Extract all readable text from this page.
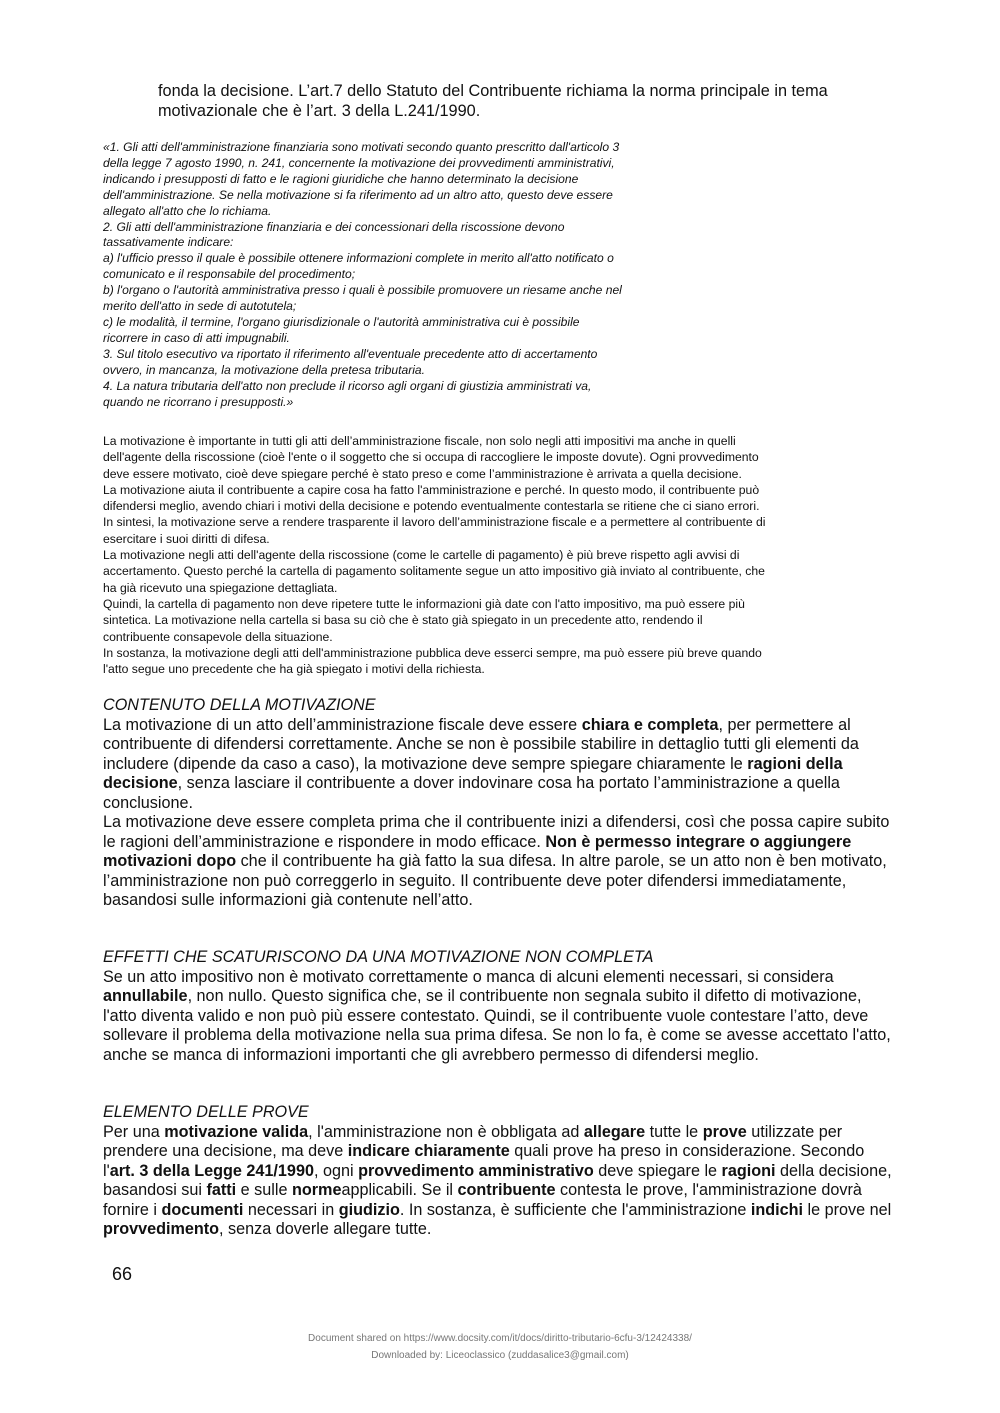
fonda la decisione. L’art.7 dello Statuto del Contribuente richiama la norma principale in tema

motivazionale che è l’art. 3 della L.241/1990.

«1. Gli atti dell'amministrazione finanziaria sono motivati secondo quanto prescritto dall'articolo 3

della legge 7 agosto 1990, n. 241, concernente la motivazione dei provvedimenti amministrativi,

indicando i presupposti di fatto e le ragioni giuridiche che hanno determinato la decisione

dell'amministrazione. Se nella motivazione si fa riferimento ad un altro atto, questo deve essere

allegato all'atto che lo richiama.

2. Gli atti dell'amministrazione finanziaria e dei concessionari della riscossione devono

tassativamente indicare:

a) l'ufficio presso il quale è possibile ottenere informazioni complete in merito all'atto notificato o

comunicato e il responsabile del procedimento;

b) l'organo o l'autorità amministrativa presso i quali è possibile promuovere un riesame anche nel

merito dell'atto in sede di autotutela;

c) le modalità, il termine, l'organo giurisdizionale o l'autorità amministrativa cui è possibile

ricorrere in caso di atti impugnabili.

3. Sul titolo esecutivo va riportato il riferimento all'eventuale precedente atto di accertamento

ovvero, in mancanza, la motivazione della pretesa tributaria.

4. La natura tributaria dell'atto non preclude il ricorso agli organi di giustizia amministrati va,

quando ne ricorrano i presupposti.»

La motivazione è importante in tutti gli atti dell’amministrazione fiscale, non solo negli atti impositivi ma anche in quelli

dell'agente della riscossione (cioè l'ente o il soggetto che si occupa di raccogliere le imposte dovute). Ogni provvedimento

deve essere motivato, cioè deve spiegare perché è stato preso e come l’amministrazione è arrivata a quella decisione.

La motivazione aiuta il contribuente a capire cosa ha fatto l'amministrazione e perché. In questo modo, il contribuente può

difendersi meglio, avendo chiari i motivi della decisione e potendo eventualmente contestarla se ritiene che ci siano errori.

In sintesi, la motivazione serve a rendere trasparente il lavoro dell’amministrazione fiscale e a permettere al contribuente di

esercitare i suoi diritti di difesa.

La motivazione negli atti dell'agente della riscossione (come le cartelle di pagamento) è più breve rispetto agli avvisi di

accertamento. Questo perché la cartella di pagamento solitamente segue un atto impositivo già inviato al contribuente, che

ha già ricevuto una spiegazione dettagliata.

Quindi, la cartella di pagamento non deve ripetere tutte le informazioni già date con l'atto impositivo, ma può essere più

sintetica. La motivazione nella cartella si basa su ciò che è stato già spiegato in un precedente atto, rendendo il

contribuente consapevole della situazione.

In sostanza, la motivazione degli atti dell'amministrazione pubblica deve esserci sempre, ma può essere più breve quando

l'atto segue uno precedente che ha già spiegato i motivi della richiesta.

CONTENUTO DELLA MOTIVAZIONE

La motivazione di un atto dell’amministrazione fiscale deve essere chiara e completa, per permettere al contribuente di difendersi correttamente. Anche se non è possibile stabilire in dettaglio tutti gli elementi da includere (dipende da caso a caso), la motivazione deve sempre spiegare chiaramente le ragioni della decisione, senza lasciare il contribuente a dover indovinare cosa ha portato l’amministrazione a quella conclusione.

La motivazione deve essere completa prima che il contribuente inizi a difendersi, così che possa capire subito le ragioni dell’amministrazione e rispondere in modo efficace. Non è permesso integrare o aggiungere motivazioni dopo che il contribuente ha già fatto la sua difesa. In altre parole, se un atto non è ben motivato, l’amministrazione non può correggerlo in seguito. Il contribuente deve poter difendersi immediatamente, basandosi sulle informazioni già contenute nell’atto.

EFFETTI CHE SCATURISCONO DA UNA MOTIVAZIONE NON COMPLETA

Se un atto impositivo non è motivato correttamente o manca di alcuni elementi necessari, si considera annullabile, non nullo. Questo significa che, se il contribuente non segnala subito il difetto di motivazione, l'atto diventa valido e non può più essere contestato. Quindi, se il contribuente vuole contestare l’atto, deve sollevare il problema della motivazione nella sua prima difesa. Se non lo fa, è come se avesse accettato l'atto, anche se manca di informazioni importanti che gli avrebbero permesso di difendersi meglio.

ELEMENTO DELLE PROVE

Per una motivazione valida, l'amministrazione non è obbligata ad allegare tutte le prove utilizzate per prendere una decisione, ma deve indicare chiaramente quali prove ha preso in considerazione. Secondo l'art. 3 della Legge 241/1990, ogni provvedimento amministrativo deve spiegare le ragioni della decisione, basandosi sui fatti e sulle normeapplicabili. Se il contribuente contesta le prove, l'amministrazione dovrà fornire i documenti necessari in giudizio. In sostanza, è sufficiente che l'amministrazione indichi le prove nel provvedimento, senza doverle allegare tutte.

66
Document shared on https://www.docsity.com/it/docs/diritto-tributario-6cfu-3/12424338/
Downloaded by: Liceoclassico (zuddasalice3@gmail.com)
